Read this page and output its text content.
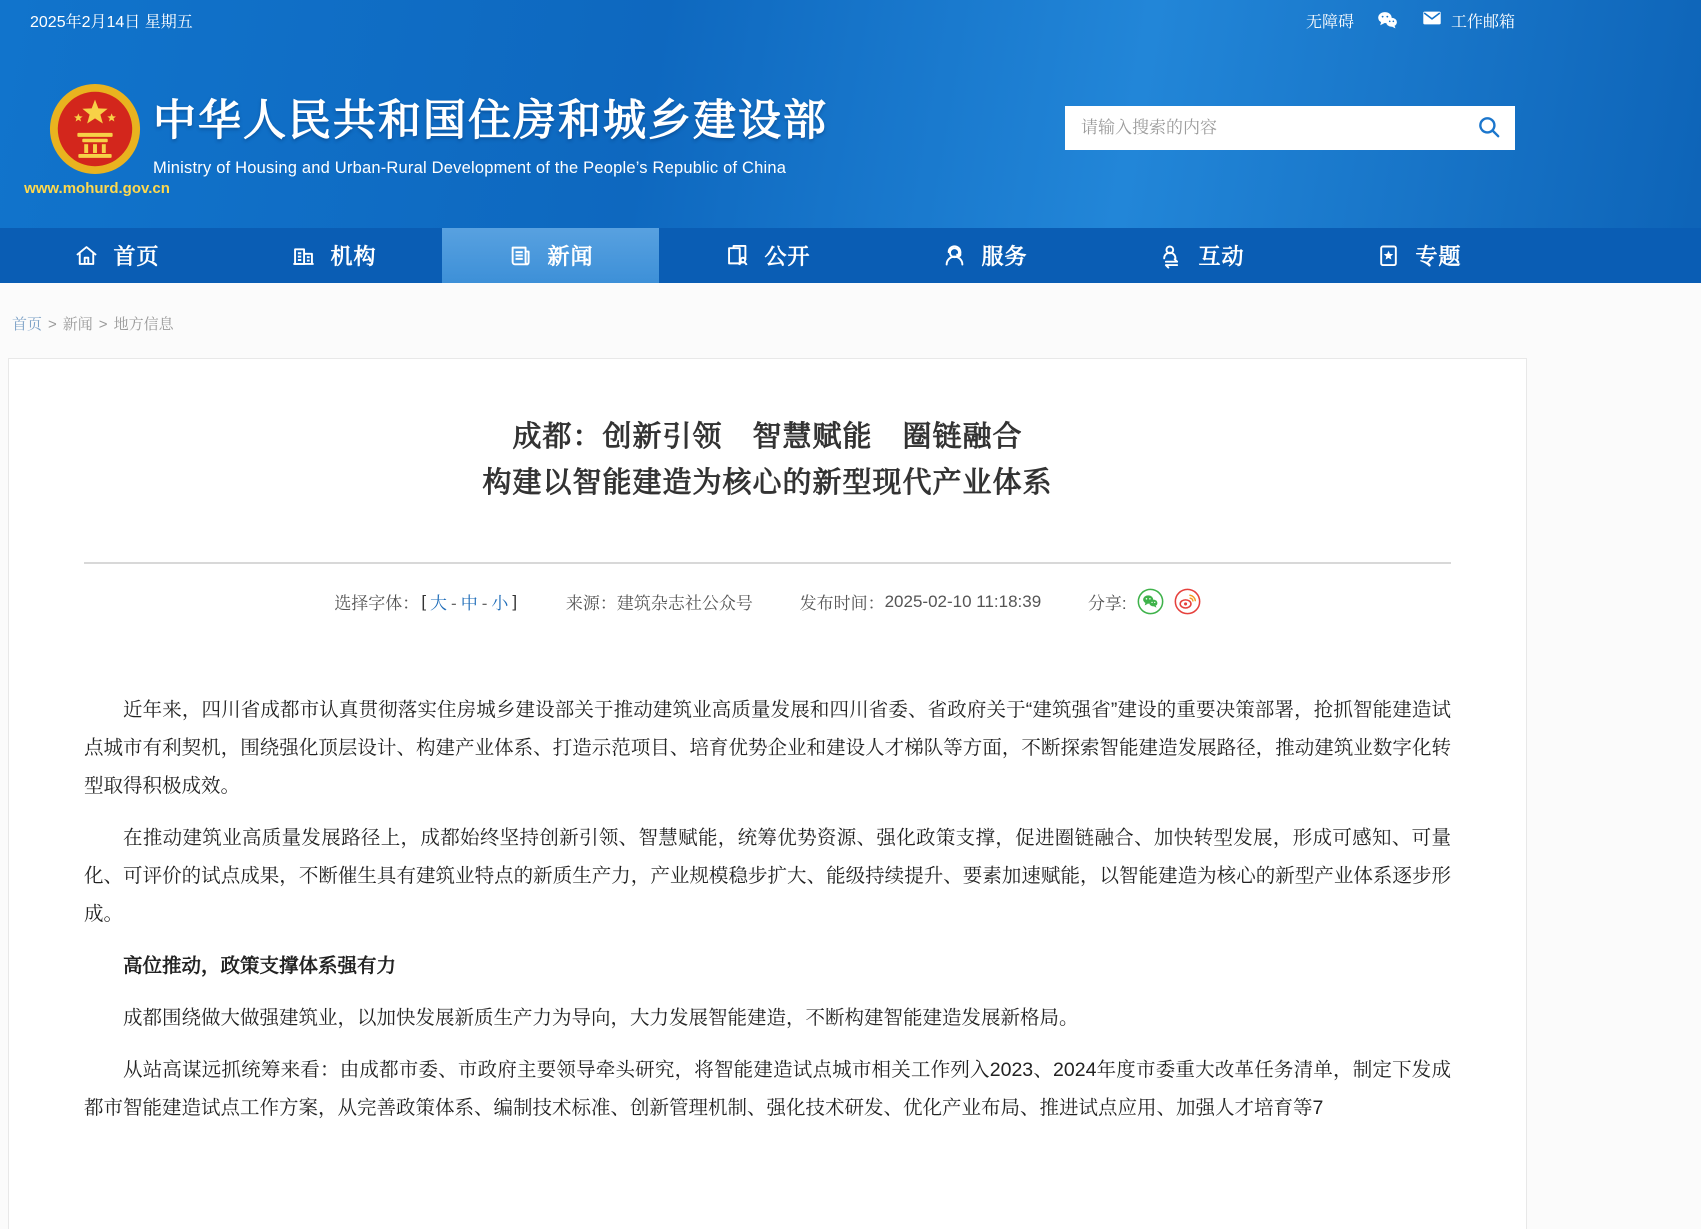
2025年2月14日 星期五	无障碍	工作邮箱
中华人民共和国住房和城乡建设部
Ministry of Housing and Urban-Rural Development of the People’s Republic of China
www.mohurd.gov.cn
请输入搜索的内容
首页	机构	新闻	公开	服务	互动	专题
首页 > 新闻 > 地方信息
成都：创新引领　智慧赋能　圈链融合
构建以智能建造为核心的新型现代产业体系
选择字体： [ 大 - 中 - 小 ]
	来源： 建筑杂志社公众号
	发布时间： 2025-02-10 11:18:39
	分享:

近年来，四川省成都市认真贯彻落实住房城乡建设部关于推动建筑业高质量发展和四川省委、省政府关于“建筑强省”建设的重要决策部署，抢抓智能建造试点城市有利契机，围绕强化顶层设计、构建产业体系、打造示范项目、培育优势企业和建设人才梯队等方面，不断探索智能建造发展路径，推动建筑业数字化转型取得积极成效。

在推动建筑业高质量发展路径上，成都始终坚持创新引领、智慧赋能，统筹优势资源、强化政策支撑，促进圈链融合、加快转型发展，形成可感知、可量化、可评价的试点成果，不断催生具有建筑业特点的新质生产力，产业规模稳步扩大、能级持续提升、要素加速赋能，以智能建造为核心的新型产业体系逐步形成。

高位推动，政策支撑体系强有力

成都围绕做大做强建筑业，以加快发展新质生产力为导向，大力发展智能建造，不断构建智能建造发展新格局。

从站高谋远抓统筹来看：由成都市委、市政府主要领导牵头研究，将智能建造试点城市相关工作列入2023、2024年度市委重大改革任务清单，制定下发成都市智能建造试点工作方案，从完善政策体系、编制技术标准、创新管理机制、强化技术研发、优化产业布局、推进试点应用、加强人才培育等7
